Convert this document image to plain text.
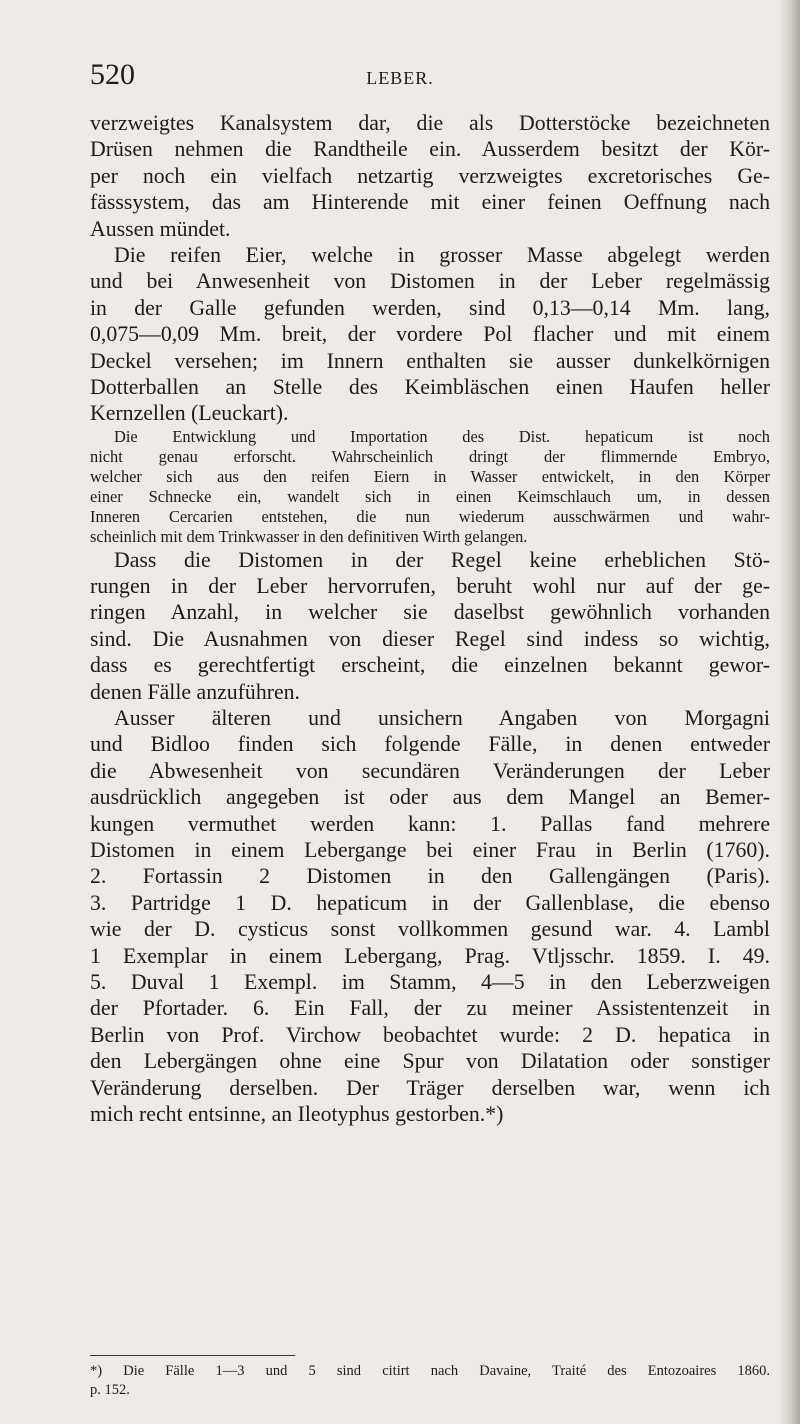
520	LEBER.
verzweigtes Kanalsystem dar, die als Dotterstöcke bezeichneten
Drüsen nehmen die Randtheile ein. Ausserdem besitzt der Kör-
per noch ein vielfach netzartig verzweigtes excretorisches Ge-
fässsystem, das am Hinterende mit einer feinen Oeffnung nach
Aussen mündet.
Die reifen Eier, welche in grosser Masse abgelegt werden
und bei Anwesenheit von Distomen in der Leber regelmässig
in der Galle gefunden werden, sind 0,13—0,14 Mm. lang,
0,075—0,09 Mm. breit, der vordere Pol flacher und mit einem
Deckel versehen; im Innern enthalten sie ausser dunkelkörnigen
Dotterballen an Stelle des Keimbläschen einen Haufen heller
Kernzellen (Leuckart).
Die Entwicklung und Importation des Dist. hepaticum ist noch
nicht genau erforscht. Wahrscheinlich dringt der flimmernde Embryo,
welcher sich aus den reifen Eiern in Wasser entwickelt, in den Körper
einer Schnecke ein, wandelt sich in einen Keimschlauch um, in dessen
Inneren Cercarien entstehen, die nun wiederum ausschwärmen und wahr-
scheinlich mit dem Trinkwasser in den definitiven Wirth gelangen.
Dass die Distomen in der Regel keine erheblichen Stö-
rungen in der Leber hervorrufen, beruht wohl nur auf der ge-
ringen Anzahl, in welcher sie daselbst gewöhnlich vorhanden
sind. Die Ausnahmen von dieser Regel sind indess so wichtig,
dass es gerechtfertigt erscheint, die einzelnen bekannt gewor-
denen Fälle anzuführen.
Ausser älteren und unsichern Angaben von Morgagni
und Bidloo finden sich folgende Fälle, in denen entweder
die Abwesenheit von secundären Veränderungen der Leber
ausdrücklich angegeben ist oder aus dem Mangel an Bemer-
kungen vermuthet werden kann: 1. Pallas fand mehrere
Distomen in einem Lebergange bei einer Frau in Berlin (1760).
2. Fortassin 2 Distomen in den Gallengängen (Paris).
3. Partridge 1 D. hepaticum in der Gallenblase, die ebenso
wie der D. cysticus sonst vollkommen gesund war. 4. Lambl
1 Exemplar in einem Lebergang, Prag. Vtljsschr. 1859. I. 49.
5. Duval 1 Exempl. im Stamm, 4—5 in den Leberzweigen
der Pfortader. 6. Ein Fall, der zu meiner Assistentenzeit in
Berlin von Prof. Virchow beobachtet wurde: 2 D. hepatica in
den Lebergängen ohne eine Spur von Dilatation oder sonstiger
Veränderung derselben. Der Träger derselben war, wenn ich
mich recht entsinne, an Ileotyphus gestorben.*)
*) Die Fälle 1—3 und 5 sind citirt nach Davaine, Traité des Entozoaires 1860.
p. 152.
